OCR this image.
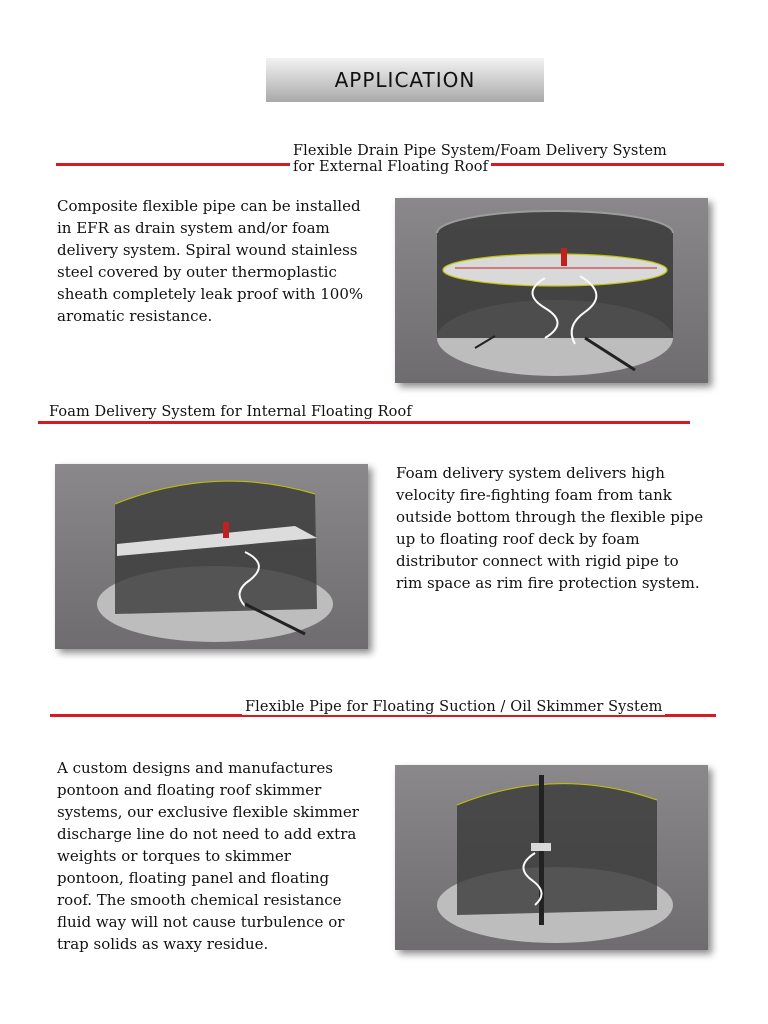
APPLICATION
Flexible Drain Pipe System/Foam Delivery System
for External Floating Roof
Composite flexible pipe can be installed
in EFR as drain system and/or foam
delivery system. Spiral wound stainless
steel covered by outer thermoplastic
sheath completely leak proof with 100%
aromatic resistance.
Foam Delivery System for Internal Floating Roof
Foam delivery system delivers high
velocity fire-fighting foam from tank
outside bottom through the flexible pipe
up to floating roof deck by foam
distributor connect with rigid pipe to
rim space as rim fire protection system.
Flexible Pipe for Floating Suction / Oil Skimmer System
A custom designs and manufactures
pontoon and floating roof skimmer
systems, our exclusive flexible skimmer
discharge line do not need to add extra
weights or torques to skimmer
pontoon, floating panel and floating
roof. The smooth chemical resistance
fluid way will not cause turbulence or
trap solids as waxy residue.
